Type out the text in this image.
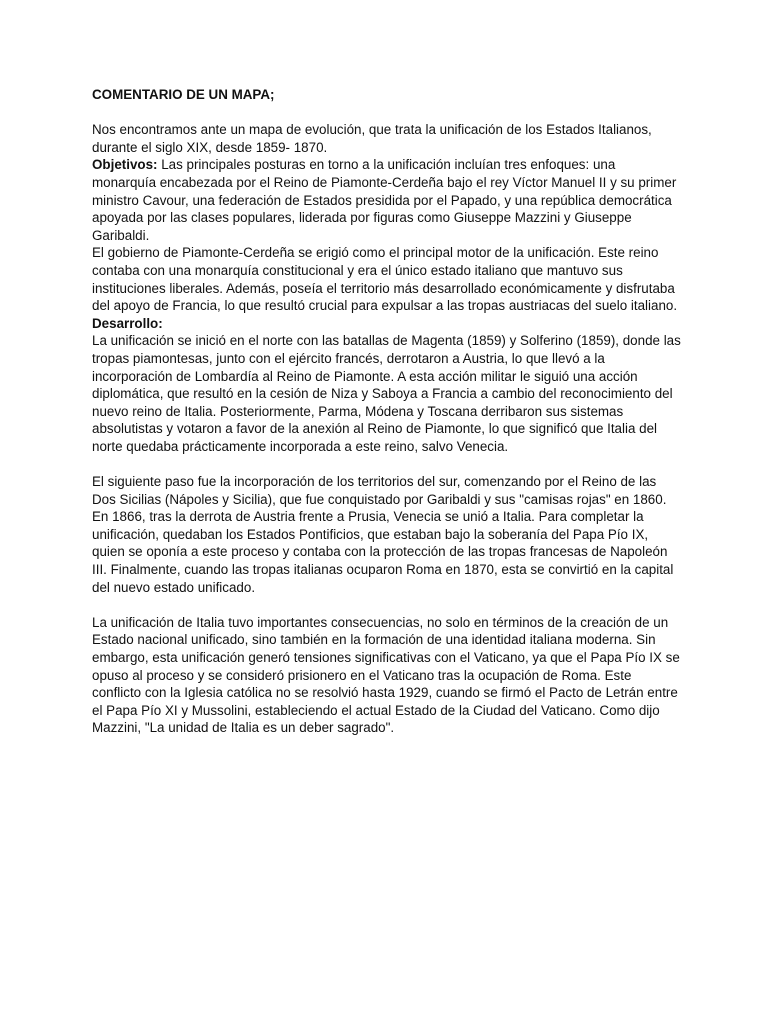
COMENTARIO DE UN MAPA;

Nos encontramos ante un mapa de evolución, que trata la unificación de los Estados Italianos, durante el siglo XIX, desde 1859- 1870.

Objetivos: Las principales posturas en torno a la unificación incluían tres enfoques: una monarquía encabezada por el Reino de Piamonte-Cerdeña bajo el rey Víctor Manuel II y su primer ministro Cavour, una federación de Estados presidida por el Papado, y una república democrática apoyada por las clases populares, liderada por figuras como Giuseppe Mazzini y Giuseppe Garibaldi.

El gobierno de Piamonte-Cerdeña se erigió como el principal motor de la unificación. Este reino contaba con una monarquía constitucional y era el único estado italiano que mantuvo sus instituciones liberales. Además, poseía el territorio más desarrollado económicamente y disfrutaba del apoyo de Francia, lo que resultó crucial para expulsar a las tropas austriacas del suelo italiano.

Desarrollo:

La unificación se inició en el norte con las batallas de Magenta (1859) y Solferino (1859), donde las tropas piamontesas, junto con el ejército francés, derrotaron a Austria, lo que llevó a la incorporación de Lombardía al Reino de Piamonte. A esta acción militar le siguió una acción diplomática, que resultó en la cesión de Niza y Saboya a Francia a cambio del reconocimiento del nuevo reino de Italia. Posteriormente, Parma, Módena y Toscana derribaron sus sistemas absolutistas y votaron a favor de la anexión al Reino de Piamonte, lo que significó que Italia del norte quedaba prácticamente incorporada a este reino, salvo Venecia.

El siguiente paso fue la incorporación de los territorios del sur, comenzando por el Reino de las Dos Sicilias (Nápoles y Sicilia), que fue conquistado por Garibaldi y sus "camisas rojas" en 1860. En 1866, tras la derrota de Austria frente a Prusia, Venecia se unió a Italia. Para completar la unificación, quedaban los Estados Pontificios, que estaban bajo la soberanía del Papa Pío IX, quien se oponía a este proceso y contaba con la protección de las tropas francesas de Napoleón III. Finalmente, cuando las tropas italianas ocuparon Roma en 1870, esta se convirtió en la capital del nuevo estado unificado.

La unificación de Italia tuvo importantes consecuencias, no solo en términos de la creación de un Estado nacional unificado, sino también en la formación de una identidad italiana moderna. Sin embargo, esta unificación generó tensiones significativas con el Vaticano, ya que el Papa Pío IX se opuso al proceso y se consideró prisionero en el Vaticano tras la ocupación de Roma. Este conflicto con la Iglesia católica no se resolvió hasta 1929, cuando se firmó el Pacto de Letrán entre el Papa Pío XI y Mussolini, estableciendo el actual Estado de la Ciudad del Vaticano. Como dijo Mazzini, "La unidad de Italia es un deber sagrado".
